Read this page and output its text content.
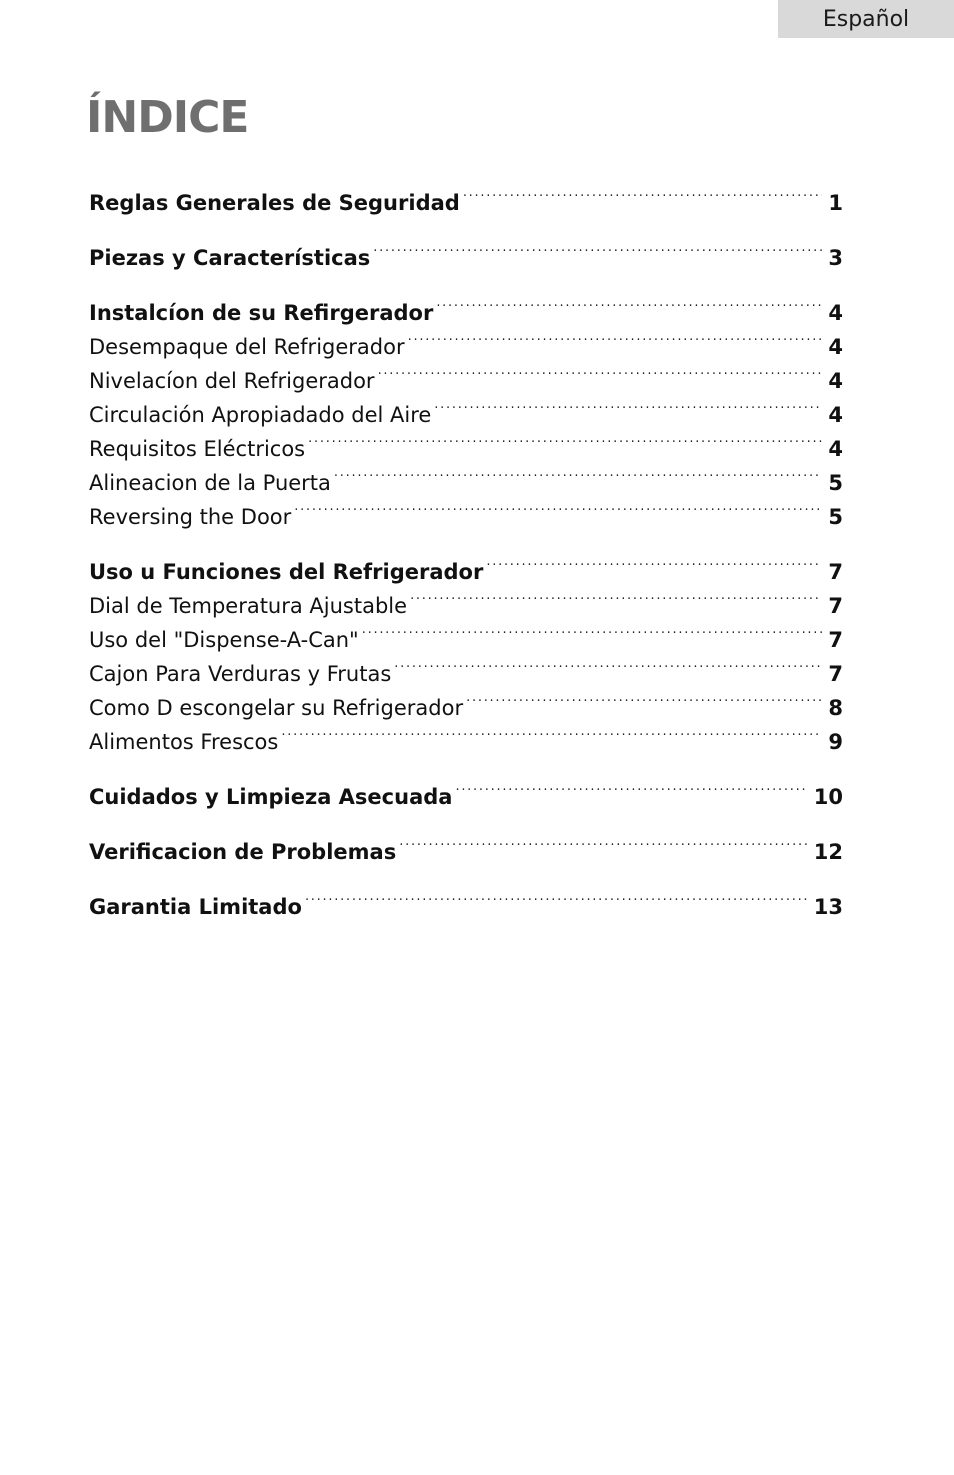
Español
ÍNDICE
Reglas Generales de Seguridad . . .	1
Piezas y Características . . .	3
Instalcíon de su Refirgerador . . .	4
Desempaque del Refrigerador . . .	4
Nivelacíon del Refrigerador . . .	4
Circulación Apropiadado del Aire . . .	4
Requisitos Eléctricos . . .	4
Alineacion de la Puerta . . .	5
Reversing the Door . . .	5
Uso u Funciones del Refrigerador . . .	7
Dial de Temperatura Ajustable . . .	7
Uso del "Dispense-A-Can" . . .	7
Cajon Para Verduras y Frutas . . .	7
Como D escongelar su Refrigerador . . .	8
Alimentos Frescos . . .	9
Cuidados y Limpieza Asecuada . . .	10
Verificacion de Problemas . . .	12
Garantia Limitado . . .	13
